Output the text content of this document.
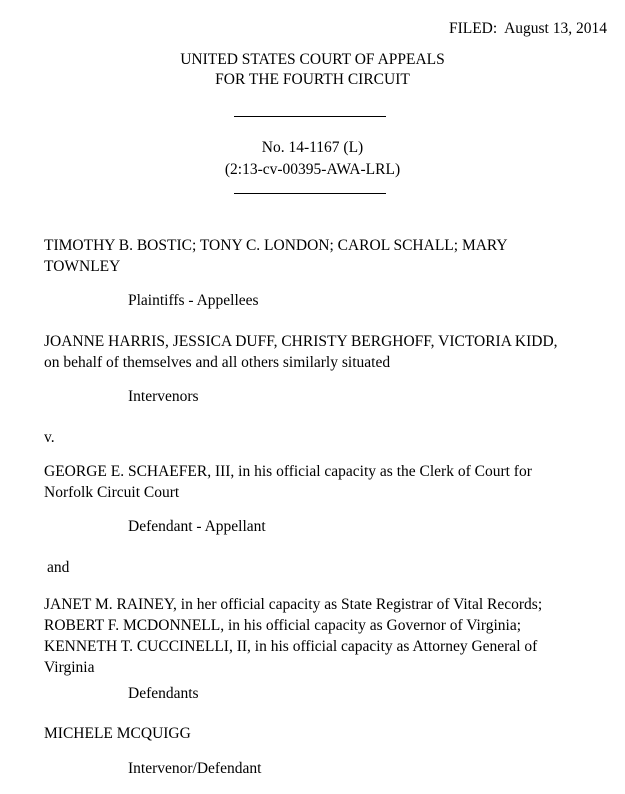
FILED:  August 13, 2014
UNITED STATES COURT OF APPEALS
FOR THE FOURTH CIRCUIT
No. 14-1167 (L)
(2:13-cv-00395-AWA-LRL)
TIMOTHY B. BOSTIC; TONY C. LONDON; CAROL SCHALL; MARY
TOWNLEY
Plaintiffs - Appellees
JOANNE HARRIS, JESSICA DUFF, CHRISTY BERGHOFF, VICTORIA KIDD,
on behalf of themselves and all others similarly situated
Intervenors
v.
GEORGE E. SCHAEFER, III, in his official capacity as the Clerk of Court for
Norfolk Circuit Court
Defendant - Appellant
and
JANET M. RAINEY, in her official capacity as State Registrar of Vital Records;
ROBERT F. MCDONNELL, in his official capacity as Governor of Virginia;
KENNETH T. CUCCINELLI, II, in his official capacity as Attorney General of
Virginia
Defendants
MICHELE MCQUIGG
Intervenor/Defendant
